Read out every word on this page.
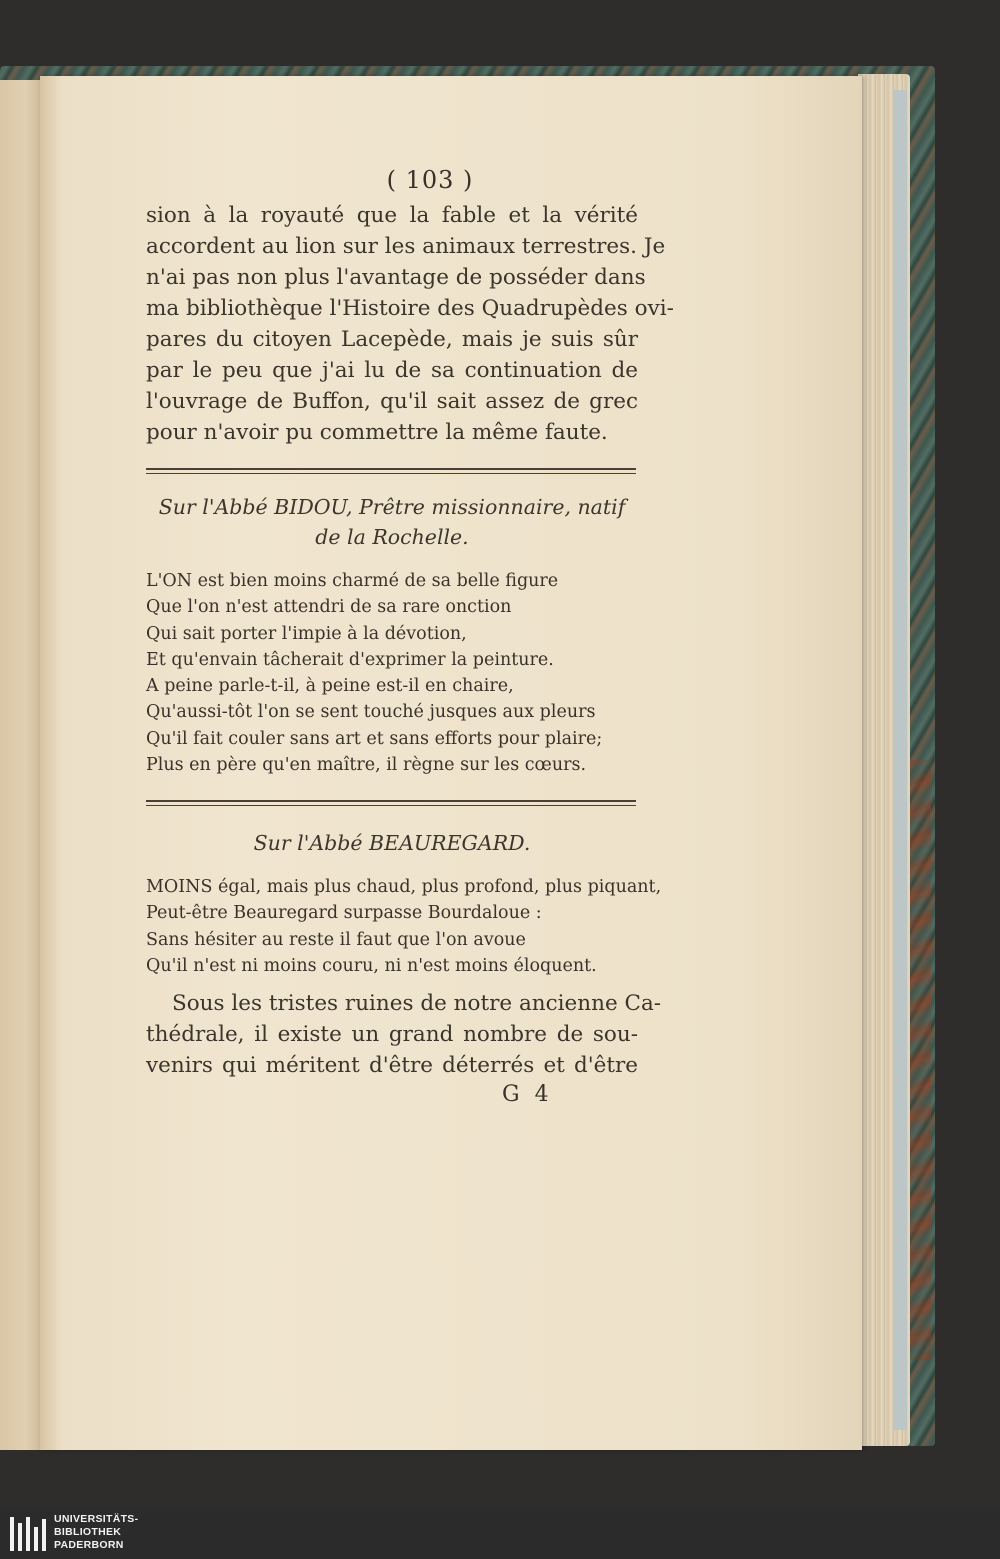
( 103 )
sion à la royauté que la fable et la vérité
accordent au lion sur les animaux terrestres. Je
n'ai pas non plus l'avantage de posséder dans
ma bibliothèque l'Histoire des Quadrupèdes ovi-
pares du citoyen Lacepède, mais je suis sûr
par le peu que j'ai lu de sa continuation de
l'ouvrage de Buffon, qu'il sait assez de grec
pour n'avoir pu commettre la même faute.
Sur l'Abbé BIDOU, Prêtre missionnaire, natif
de la Rochelle.
L'ON est bien moins charmé de sa belle figure
Que l'on n'est attendri de sa rare onction
Qui sait porter l'impie à la dévotion,
Et qu'envain tâcherait d'exprimer la peinture.
A peine parle-t-il, à peine est-il en chaire,
Qu'aussi-tôt l'on se sent touché jusques aux pleurs
Qu'il fait couler sans art et sans efforts pour plaire;
Plus en père qu'en maître, il règne sur les cœurs.
Sur l'Abbé BEAUREGARD.
MOINS égal, mais plus chaud, plus profond, plus piquant,
Peut-être Beauregard surpasse Bourdaloue :
Sans hésiter au reste il faut que l'on avoue
Qu'il n'est ni moins couru, ni n'est moins éloquent.
Sous les tristes ruines de notre ancienne Ca-
thédrale, il existe un grand nombre de sou-
venirs qui méritent d'être déterrés et d'être
G 4
UNIVERSITÄTS-
BIBLIOTHEK
PADERBORN
